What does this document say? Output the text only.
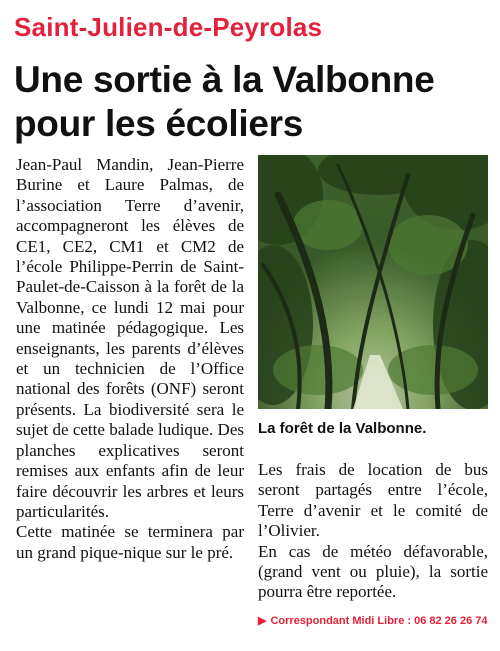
Saint-Julien-de-Peyrolas
Une sortie à la Valbonne pour les écoliers

Jean-Paul Mandin, Jean-Pierre Burine et Laure Palmas, de l’association Terre d’avenir, accompagneront les élèves de CE1, CE2, CM1 et CM2 de l’école Philippe-Perrin de Saint-Paulet-de-Caisson à la forêt de la Valbonne, ce lundi 12 mai pour une matinée pédagogique. Les enseignants, les parents d’élèves et un technicien de l’Office national des forêts (ONF) seront présents. La biodiversité sera le sujet de cette balade ludique. Des planches explicatives seront remises aux enfants afin de leur faire découvrir les arbres et leurs particularités.

Cette matinée se terminera par un grand pique-nique sur le pré.

La forêt de la Valbonne.

Les frais de location de bus seront partagés entre l’école, Terre d’avenir et le comité de l’Olivier.

En cas de météo défavorable, (grand vent ou pluie), la sortie pourra être reportée.

▶ Correspondant Midi Libre : 06 82 26 26 74
